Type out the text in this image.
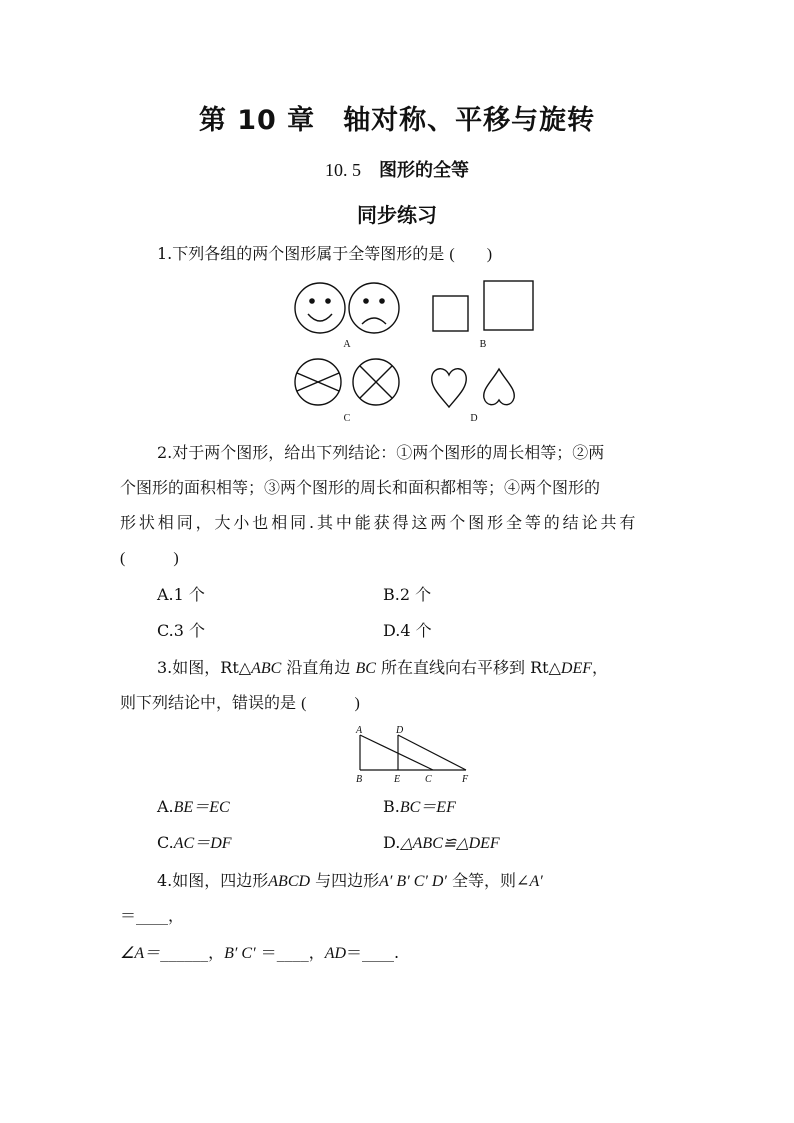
第 10 章 轴对称、平移与旋转
10. 5 图形的全等
同步练习
1.下列各组的两个图形属于全等图形的是 (　　)
A	B
C	D
2.对于两个图形，给出下列结论：①两个图形的周长相等；②两
个图形的面积相等；③两个图形的周长和面积都相等；④两个图形的
形状相同，大小也相同.其中能获得这两个图形全等的结论共有
(　　　)
A.1 个	B.2 个
C.3 个	D.4 个
3.如图，Rt△ABC 沿直角边 BC 所在直线向右平移到 Rt△DEF，
则下列结论中，错误的是 (　　　)
A	D
B	E C	F
A.BE＝EC	B.BC＝EF
C.AC＝DF	D.△ABC≌△DEF
4.如图，四边形ABCD 与四边形A′ B′ C′ D′ 全等，则∠A′
＝____，
∠A＝______，B′ C′ ＝____，AD＝____.
